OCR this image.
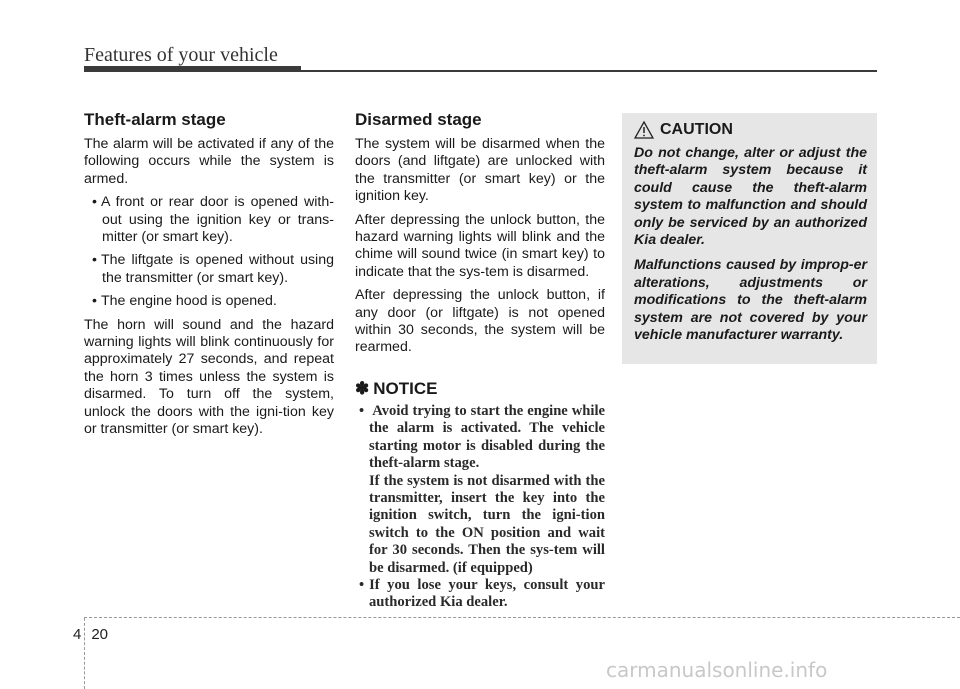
Features of your vehicle
Theft-alarm stage

The alarm will be activated if any of the following occurs while the system is armed.

• A front or rear door is opened with-out using the ignition key or trans-mitter (or smart key).
• The liftgate is opened without using the transmitter (or smart key).
• The engine hood is opened.

The horn will sound and the hazard warning lights will blink continuously for approximately 27 seconds, and repeat the horn 3 times unless the system is disarmed. To turn off the system, unlock the doors with the igni-tion key or transmitter (or smart key).

Disarmed stage

The system will be disarmed when the doors (and liftgate) are unlocked with the transmitter (or smart key) or the ignition key.

After depressing the unlock button, the hazard warning lights will blink and the chime will sound twice (in smart key) to indicate that the sys-tem is disarmed.

After depressing the unlock button, if any door (or liftgate) is not opened within 30 seconds, the system will be rearmed.

✽ NOTICE
• Avoid trying to start the engine while the alarm is activated. The vehicle starting motor is disabled during the theft-alarm stage.
If the system is not disarmed with the transmitter, insert the key into the ignition switch, turn the igni-tion switch to the ON position and wait for 30 seconds. Then the sys-tem will be disarmed. (if equipped)
• If you lose your keys, consult your authorized Kia dealer.
CAUTION

Do not change, alter or adjust the theft-alarm system because it could cause the theft-alarm system to malfunction and should only be serviced by an authorized Kia dealer.

Malfunctions caused by improp-er alterations, adjustments or modifications to the theft-alarm system are not covered by your vehicle manufacturer warranty.

4 20
carmanualsonline.info
